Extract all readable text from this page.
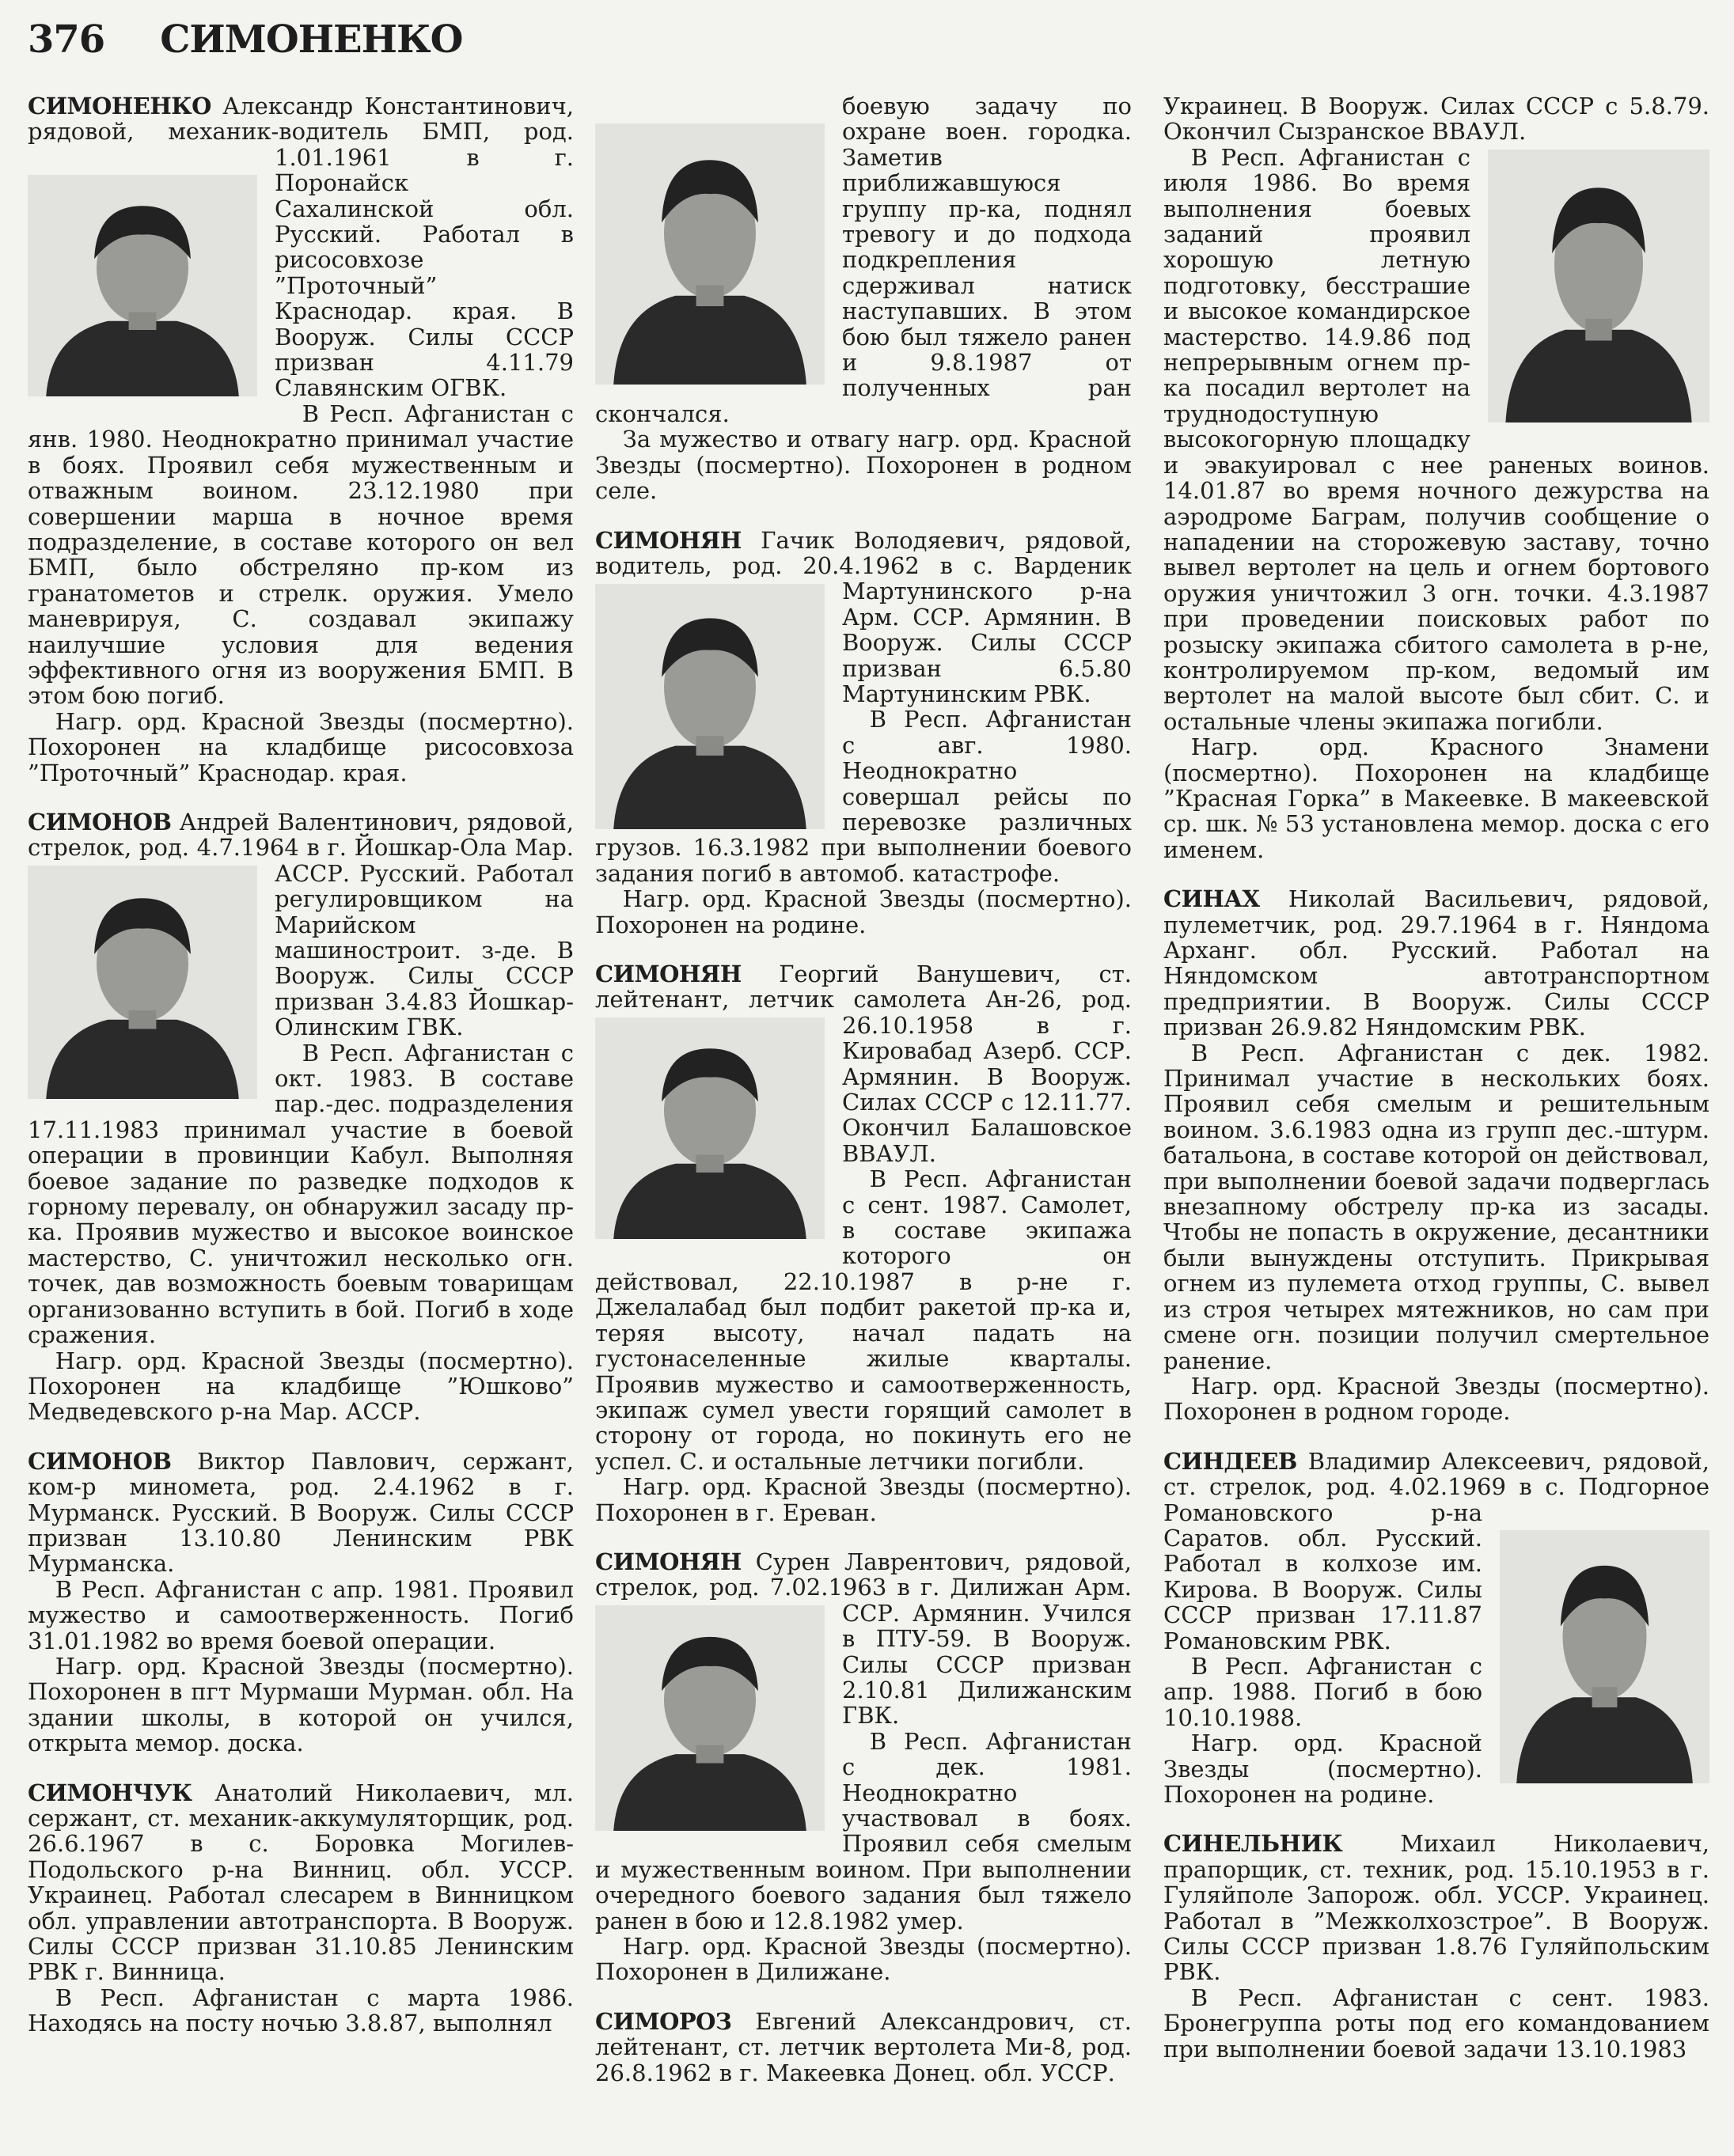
376 СИМОНЕНКО

СИМОНЕНКО Александр Константинович, рядовой, механик-водитель БМП, род. 1.01.1961 в г. Поронайск Сахалинской обл. Русский. Работал в рисосовхозе ”Проточный” Краснодар. края. В Вооруж. Силы СССР призван 4.11.79 Славянским ОГВК.

В Респ. Афганистан с янв. 1980. Неоднократно принимал участие в боях. Проявил себя мужественным и отважным воином. 23.12.1980 при совершении марша в ночное время подразделение, в составе которого он вел БМП, было обстреляно пр-ком из гранатометов и стрелк. оружия. Умело маневрируя, С. создавал экипажу наилучшие условия для ведения эффективного огня из вооружения БМП. В этом бою погиб.

Нагр. орд. Красной Звезды (посмертно). Похоронен на кладбище рисосовхоза ”Проточный” Краснодар. края.

СИМОНОВ Андрей Валентинович, рядовой, стрелок, род. 4.7.1964 в г. Йошкар-Ола Мар. АССР. Русский. Работал регулировщиком на Марийском машиностроит. з-де. В Вооруж. Силы СССР призван 3.4.83 Йошкар-Олинским ГВК.

В Респ. Афганистан с окт. 1983. В составе пар.-дес. подразделения 17.11.1983 принимал участие в боевой операции в провинции Кабул. Выполняя боевое задание по разведке подходов к горному перевалу, он обнаружил засаду пр-ка. Проявив мужество и высокое воинское мастерство, С. уничтожил несколько огн. точек, дав возможность боевым товарищам организованно вступить в бой. Погиб в ходе сражения.

Нагр. орд. Красной Звезды (посмертно). Похоронен на кладбище ”Юшково” Медведевского р-на Мар. АССР.

СИМОНОВ Виктор Павлович, сержант, ком-р миномета, род. 2.4.1962 в г. Мурманск. Русский. В Вооруж. Силы СССР призван 13.10.80 Ленинским РВК Мурманска.

В Респ. Афганистан с апр. 1981. Проявил мужество и самоотверженность. Погиб 31.01.1982 во время боевой операции.

Нагр. орд. Красной Звезды (посмертно). Похоронен в пгт Мурмаши Мурман. обл. На здании школы, в которой он учился, открыта мемор. доска.

СИМОНЧУК Анатолий Николаевич, мл. сержант, ст. механик-аккумуляторщик, род. 26.6.1967 в с. Боровка Могилев-Подольского р-на Винниц. обл. УССР. Украинец. Работал слесарем в Винницком обл. управлении автотранспорта. В Вооруж. Силы СССР призван 31.10.85 Ленинским РВК г. Винница.

В Респ. Афганистан с марта 1986. Находясь на посту ночью 3.8.87, выполнял

боевую задачу по охране воен. городка. Заметив приближавшуюся группу пр-ка, поднял тревогу и до подхода подкрепления сдерживал натиск наступавших. В этом бою был тяжело ранен и 9.8.1987 от полученных ран скончался.

За мужество и отвагу нагр. орд. Красной Звезды (посмертно). Похоронен в родном селе.

СИМОНЯН Гачик Володяевич, рядовой, водитель, род. 20.4.1962 в с. Варденик Мартунинского р-на Арм. ССР. Армянин. В Вооруж. Силы СССР призван 6.5.80 Мартунинским РВК.

В Респ. Афганистан с авг. 1980. Неоднократно совершал рейсы по перевозке различных грузов. 16.3.1982 при выполнении боевого задания погиб в автомоб. катастрофе.

Нагр. орд. Красной Звезды (посмертно). Похоронен на родине.

СИМОНЯН Георгий Ванушевич, ст. лейтенант, летчик самолета Ан-26, род. 26.10.1958 в г. Кировабад Азерб. ССР. Армянин. В Вооруж. Силах СССР с 12.11.77. Окончил Балашовское ВВАУЛ.

В Респ. Афганистан с сент. 1987. Самолет, в составе экипажа которого он действовал, 22.10.1987 в р-не г. Джелалабад был подбит ракетой пр-ка и, теряя высоту, начал падать на густонаселенные жилые кварталы. Проявив мужество и самоотверженность, экипаж сумел увести горящий самолет в сторону от города, но покинуть его не успел. С. и остальные летчики погибли.

Нагр. орд. Красной Звезды (посмертно). Похоронен в г. Ереван.

СИМОНЯН Сурен Лаврентович, рядовой, стрелок, род. 7.02.1963 в г. Дилижан Арм. ССР. Армянин. Учился в ПТУ-59. В Вооруж. Силы СССР призван 2.10.81 Дилижанским ГВК.

В Респ. Афганистан с дек. 1981. Неоднократно участвовал в боях. Проявил себя смелым и мужественным воином. При выполнении очередного боевого задания был тяжело ранен в бою и 12.8.1982 умер.

Нагр. орд. Красной Звезды (посмертно). Похоронен в Дилижане.

СИМОРОЗ Евгений Александрович, ст. лейтенант, ст. летчик вертолета Ми-8, род. 26.8.1962 в г. Макеевка Донец. обл. УССР.

Украинец. В Вооруж. Силах СССР с 5.8.79. Окончил Сызранское ВВАУЛ.

В Респ. Афганистан с июля 1986. Во время выполнения боевых заданий проявил хорошую летную подготовку, бесстрашие и высокое командирское мастерство. 14.9.86 под непрерывным огнем пр-ка посадил вертолет на труднодоступную высокогорную площадку и эвакуировал с нее раненых воинов. 14.01.87 во время ночного дежурства на аэродроме Баграм, получив сообщение о нападении на сторожевую заставу, точно вывел вертолет на цель и огнем бортового оружия уничтожил 3 огн. точки. 4.3.1987 при проведении поисковых работ по розыску экипажа сбитого самолета в р-не, контролируемом пр-ком, ведомый им вертолет на малой высоте был сбит. С. и остальные члены экипажа погибли.

Нагр. орд. Красного Знамени (посмертно). Похоронен на кладбище ”Красная Горка” в Макеевке. В макеевской ср. шк. № 53 установлена мемор. доска с его именем.

СИНАХ Николай Васильевич, рядовой, пулеметчик, род. 29.7.1964 в г. Няндома Арханг. обл. Русский. Работал на Няндомском автотранспортном предприятии. В Вооруж. Силы СССР призван 26.9.82 Няндомским РВК.

В Респ. Афганистан с дек. 1982. Принимал участие в нескольких боях. Проявил себя смелым и решительным воином. 3.6.1983 одна из групп дес.-штурм. батальона, в составе которой он действовал, при выполнении боевой задачи подверглась внезапному обстрелу пр-ка из засады. Чтобы не попасть в окружение, десантники были вынуждены отступить. Прикрывая огнем из пулемета отход группы, С. вывел из строя четырех мятежников, но сам при смене огн. позиции получил смертельное ранение.

Нагр. орд. Красной Звезды (посмертно). Похоронен в родном городе.

СИНДЕЕВ Владимир Алексеевич, рядовой, ст. стрелок, род. 4.02.1969 в с. Подгорное Романовского р-на Саратов. обл. Русский. Работал в колхозе им. Кирова. В Вооруж. Силы СССР призван 17.11.87 Романовским РВК.

В Респ. Афганистан с апр. 1988. Погиб в бою 10.10.1988.

Нагр. орд. Красной Звезды (посмертно). Похоронен на родине.

СИНЕЛЬНИК	Михаил Николаевич, прапорщик, ст. техник, род. 15.10.1953 в г. Гуляйполе Запорож. обл. УССР. Украинец. Работал в ”Межколхозстрое”. В Вооруж. Силы СССР призван 1.8.76 Гуляйпольским РВК.

В Респ. Афганистан с сент. 1983. Бронегруппа роты под его командованием при выполнении боевой задачи 13.10.1983
